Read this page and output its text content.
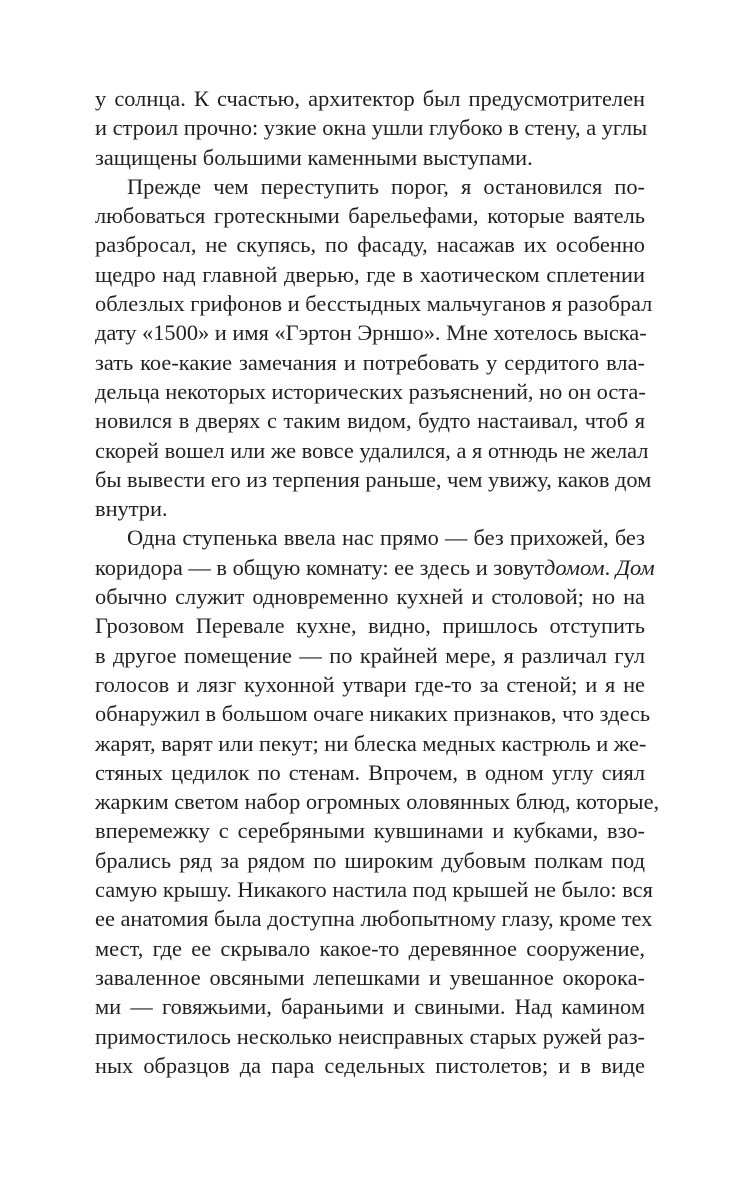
у солнца. К счастью, архитектор был предусмотрителен
и строил прочно: узкие окна ушли глубоко в стену, а углы
защищены большими каменными выступами.
Прежде чем переступить порог, я остановился по-
любоваться гротескными барельефами, которые ваятель
разбросал, не скупясь, по фасаду, насажав их особенно
щедро над главной дверью, где в хаотическом сплетении
облезлых грифонов и бесстыдных мальчуганов я разобрал
дату «1500» и имя «Гэртон Эрншо». Мне хотелось выска-
зать кое-какие замечания и потребовать у сердитого вла-
дельца некоторых исторических разъяснений, но он оста-
новился в дверях с таким видом, будто настаивал, чтоб я
скорей вошел или же вовсе удалился, а я отнюдь не желал
бы вывести его из терпения раньше, чем увижу, каков дом
внутри.
Одна ступенька ввела нас прямо — без прихожей, без
коридора — в общую комнату: ее здесь и зовут домом. Дом
обычно служит одновременно кухней и столовой; но на
Грозовом Перевале кухне, видно, пришлось отступить
в другое помещение — по крайней мере, я различал гул
голосов и лязг кухонной утвари где-то за стеной; и я не
обнаружил в большом очаге никаких признаков, что здесь
жарят, варят или пекут; ни блеска медных кастрюль и же-
стяных цедилок по стенам. Впрочем, в одном углу сиял
жарким светом набор огромных оловянных блюд, которые,
вперемежку с серебряными кувшинами и кубками, взо-
брались ряд за рядом по широким дубовым полкам под
самую крышу. Никакого настила под крышей не было: вся
ее анатомия была доступна любопытному глазу, кроме тех
мест, где ее скрывало какое-то деревянное сооружение,
заваленное овсяными лепешками и увешанное окорока-
ми — говяжьими, бараньими и свиными. Над камином
примостилось несколько неисправных старых ружей раз-
ных образцов да пара седельных пистолетов; и в виде
